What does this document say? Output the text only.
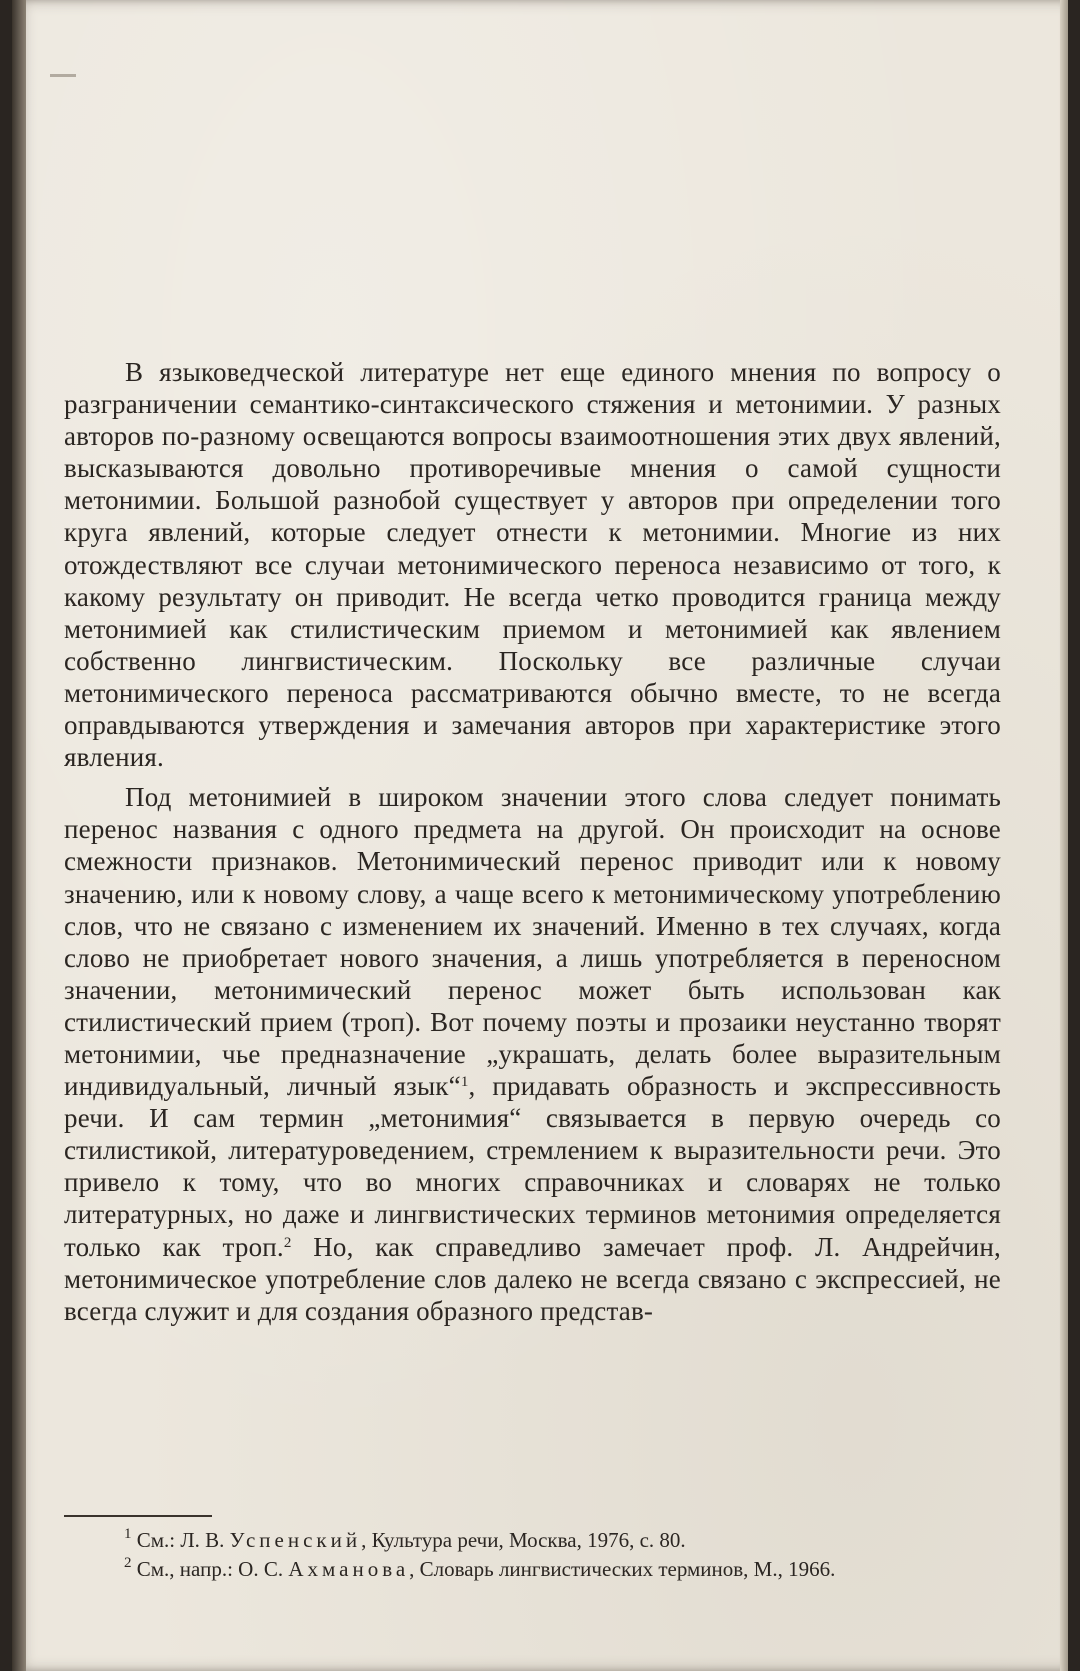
В языковедческой литературе нет еще единого мнения по вопросу о разграничении семантико-синтаксического стяжения и метонимии. У разных авторов по-разному освещаются вопросы взаимоотношения этих двух явлений, высказываются довольно противоречивые мнения о самой сущности метонимии. Большой разнобой существует у авторов при определении того круга явлений, которые следует отнести к метонимии. Многие из них отождествляют все случаи метонимического переноса независимо от того, к какому результату он приводит. Не всегда четко проводится граница между метонимией как стилистическим приемом и метонимией как явлением собственно лингвистическим. Поскольку все различные случаи метонимического переноса рассматриваются обычно вместе, то не всегда оправдываются утверждения и замечания авторов при характеристике этого явления.

Под метонимией в широком значении этого слова следует понимать перенос названия с одного предмета на другой. Он происходит на основе смежности признаков. Метонимический перенос приводит или к новому значению, или к новому слову, а чаще всего к метонимическому употреблению слов, что не связано с изменением их значений. Именно в тех случаях, когда слово не приобретает нового значения, а лишь употребляется в переносном значении, метонимический перенос может быть использован как стилистический прием (троп). Вот почему поэты и прозаики неустанно творят метонимии, чье предназначение „украшать, делать более выразительным индивидуальный, личный язык“$^1$, придавать образность и экспрессивность речи. И сам термин „метонимия“ связывается в первую очередь со стилистикой, литературоведением, стремлением к выразительности речи. Это привело к тому, что во многих справочниках и словарях не только литературных, но даже и лингвистических терминов метонимия определяется только как троп.$^2$ Но, как справедливо замечает проф. Л. Андрейчин, метонимическое употребление слов далеко не всегда связано с экспрессией, не всегда служит и для создания образного представ-

$^1$ См.: Л. В. Успенский, Культура речи, Москва, 1976, с. 80.

$^2$ См., напр.: О. С. Ахманова, Словарь лингвистических терминов, М., 1966.
